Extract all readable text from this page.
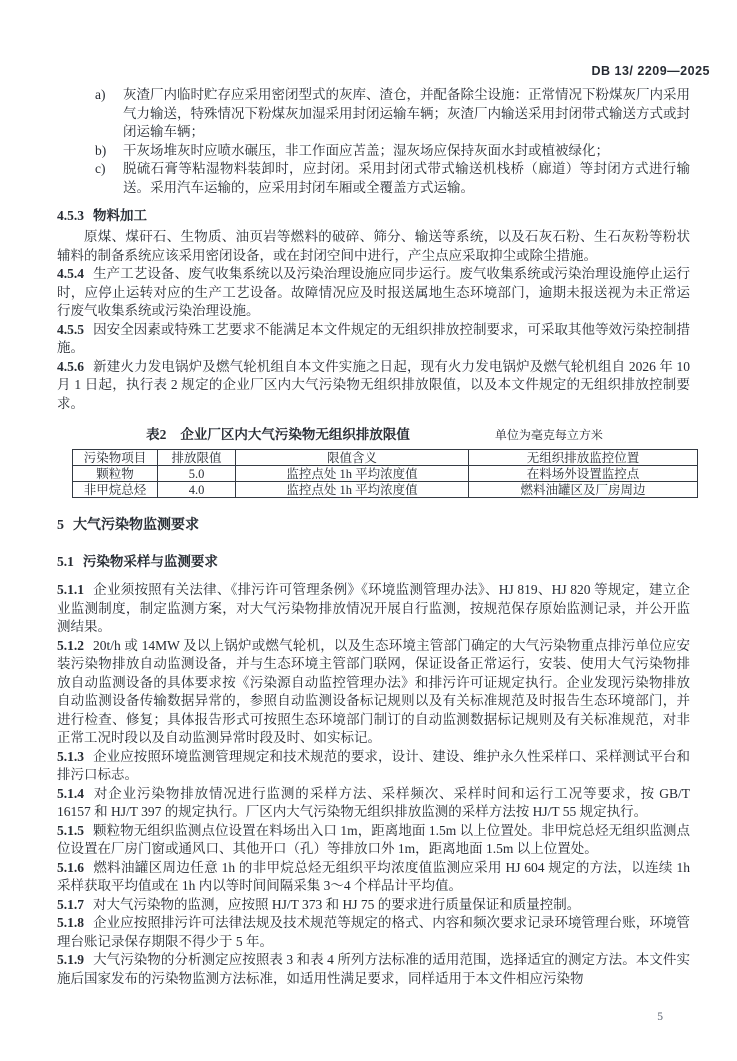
DB 13/ 2209—2025
a)	灰渣厂内临时贮存应采用密闭型式的灰库、渣仓，并配备除尘设施：正常情况下粉煤灰厂内采用气力输送，特殊情况下粉煤灰加湿采用封闭运输车辆；灰渣厂内输送采用封闭带式输送方式或封闭运输车辆；

b)	干灰场堆灰时应喷水碾压，非工作面应苫盖；湿灰场应保持灰面水封或植被绿化；

c)	脱硫石膏等粘湿物料装卸时，应封闭。采用封闭式带式输送机栈桥（廊道）等封闭方式进行输送。采用汽车运输的，应采用封闭车厢或全覆盖方式运输。

4.5.3 物料加工

原煤、煤矸石、生物质、油页岩等燃料的破碎、筛分、输送等系统，以及石灰石粉、生石灰粉等粉状辅料的制备系统应该采用密闭设备，或在封闭空间中进行，产尘点应采取抑尘或除尘措施。

4.5.4 生产工艺设备、废气收集系统以及污染治理设施应同步运行。废气收集系统或污染治理设施停止运行时，应停止运转对应的生产工艺设备。故障情况应及时报送属地生态环境部门，逾期未报送视为未正常运行废气收集系统或污染治理设施。

4.5.5 因安全因素或特殊工艺要求不能满足本文件规定的无组织排放控制要求，可采取其他等效污染控制措施。

4.5.6 新建火力发电锅炉及燃气轮机组自本文件实施之日起，现有火力发电锅炉及燃气轮机组自 2026 年 10 月 1 日起，执行表 2 规定的企业厂区内大气污染物无组织排放限值，以及本文件规定的无组织排放控制要求。

表2 企业厂区内大气污染物无组织排放限值	单位为毫克每立方米
污染物项目	排放限值	限值含义	无组织排放监控位置
颗粒物	5.0	监控点处 1h 平均浓度值	在料场外设置监控点
非甲烷总烃	4.0	监控点处 1h 平均浓度值	燃料油罐区及厂房周边
5 大气污染物监测要求
5.1 污染物采样与监测要求

5.1.1 企业须按照有关法律、《排污许可管理条例》《环境监测管理办法》、HJ 819、HJ 820 等规定，建立企业监测制度，制定监测方案，对大气污染物排放情况开展自行监测，按规范保存原始监测记录，并公开监测结果。

5.1.2 20t/h 或 14MW 及以上锅炉或燃气轮机，以及生态环境主管部门确定的大气污染物重点排污单位应安装污染物排放自动监测设备，并与生态环境主管部门联网，保证设备正常运行，安装、使用大气污染物排放自动监测设备的具体要求按《污染源自动监控管理办法》和排污许可证规定执行。企业发现污染物排放自动监测设备传输数据异常的，参照自动监测设备标记规则以及有关标准规范及时报告生态环境部门，并进行检查、修复；具体报告形式可按照生态环境部门制订的自动监测数据标记规则及有关标准规范，对非正常工况时段以及自动监测异常时段及时、如实标记。

5.1.3 企业应按照环境监测管理规定和技术规范的要求，设计、建设、维护永久性采样口、采样测试平台和排污口标志。

5.1.4 对企业污染物排放情况进行监测的采样方法、采样频次、采样时间和运行工况等要求，按 GB/T 16157 和 HJ/T 397 的规定执行。厂区内大气污染物无组织排放监测的采样方法按 HJ/T 55 规定执行。

5.1.5 颗粒物无组织监测点位设置在料场出入口 1m，距离地面 1.5m 以上位置处。非甲烷总烃无组织监测点位设置在厂房门窗或通风口、其他开口（孔）等排放口外 1m，距离地面 1.5m 以上位置处。

5.1.6 燃料油罐区周边任意 1h 的非甲烷总烃无组织平均浓度值监测应采用 HJ 604 规定的方法，以连续 1h 采样获取平均值或在 1h 内以等时间间隔采集 3～4 个样品计平均值。

5.1.7 对大气污染物的监测，应按照 HJ/T 373 和 HJ 75 的要求进行质量保证和质量控制。

5.1.8 企业应按照排污许可法律法规及技术规范等规定的格式、内容和频次要求记录环境管理台账，环境管理台账记录保存期限不得少于 5 年。

5.1.9 大气污染物的分析测定应按照表 3 和表 4 所列方法标准的适用范围，选择适宜的测定方法。本文件实施后国家发布的污染物监测方法标准，如适用性满足要求，同样适用于本文件相应污染物

5
